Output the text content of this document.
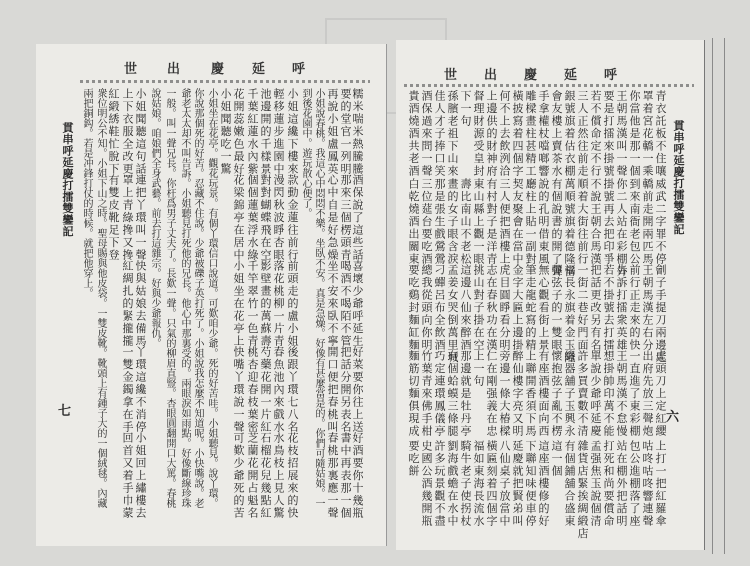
呼	呼
延	延
慶	慶
出	出
世	世
糯米喘米熱騰騰
酒保說了這些話
喜壞少爺呼延生
好菜要你往上送
好酒要你十幾瓶
要的堂官一列明
那來三個楞頭青
喝酒不喝陌不管
把話分開另表名
書中再表那一個
再說小姐盧鳳英
心中自是好急燥
坐不安來臥不寧
開口便把春桃叫
春桃那裏應一聲
小姐說春桃。我這心中悶悶不樂。坐臥不安。真是急燥。好像有甚麼當是的。你們可隨姑娘。一
到後花園中。遊玩散心便了。
小姐這纔下樓來
款動金蓮往前行
前頭走的盧小姐
後跟丫環七八名
花枝招展來的快
輕移蓮步進園中
漫閃秋波睜杏眼
落花桃柳一片青
春魚池內來戲水
水鳥枝上見人驚
池邊開的千樣景
對對蝴蝶飛在空
影壁畫的萬蘇壽
芍藥花開一片紅
石榴花兒幾點紅
千葉紅蓮水內紫
個個蓮葉浮水綠
千竿翠竹一色青
桃杏迎春枝葉密
芝蘭花開占魁名
花開蕊嫩色最好
花梁錦亭在居中
小姐坐在花亭上
快嘴丫環說一聲
可歎少爺死的苦
小姐聞聽吃一驚
小姐坐在花亭。觀花玩景。有個丫環信口說道。可歎咱少爺。死的好苦哇。小姐聽見。說丫環。
你說那個死的好苦。忍藏不住說。少爺被礫子英打死了。小姐說我怎麼不知道呢。小快嘴說。老
爺老太太却不叫告訴。小姐聽見打死他的兄長。他心中那裏受的。兩眼淚如雨點。好像斷線珍珠
一般。叫一聲兄長。你枉爲男子丈夫了。長歎一聲。只氣的柳眉直豎。杏眼圓翻開口大罵。春桃
說姑娘。咱娘們全身武藝。前去打這雜宗。好與少爺報仇。
小姐聞聽這句話
連把丫環叫一聲
快與姑娘去備馬
丫環這纔不消停
小姐回上繡樓去
上下衣服全改更
罩上青綠搀又搀
紅綢扎的緊攏攏
一雙金鐲拿在手
回首又着手巾蒙
紅緞綉鞋忙脫下
有雙皮靴足下登
衆位明公不知。小姐下山之時。聖母賜與他皮袋。一雙皮靴。靴頭上有鍾子大的一個絨毬。內藏
兩把銅鈎。若是冲鋒打仗的時候。就把他穿上。	青衣託板不住嚷
威武二字罪不停
劊子手提刀兩邊走
虎頭刀上定紅纓
上打一把紅羅傘
罩着宮花轎一乘
轎前走開兩匹馬
王朝馬漢左右分
出府先放三聲炮
咕咚咕咚響連聲
你當他是那一個
到來南衙老包公
前行正走來的快
一直進了東彩棚
包公進棚落了座
王朝馬漢叫一聲
你二人站在彩棚外
告訴打擂衆英雄
王朝馬漢不怠慢
站在棚外把話明
要是打擂來掛號
掛號再去把印爭
若不掛號去打擂
想掛帥印萬不能
打死和尚要償命
若不償命定不行
不說王朝合馬漢
把話更改另有名
單說少爺呼延慶
孟强焦玉說個清
三人正然往前走
順着大街往前行
一街二巷好門面
許多買賣數不清
雜貨店緊挨綢緞店
銀號旗着估衣棚
萬順號旗着德隆當
福長永旗着金玉隆
緞器舖子玉興永
有個鋪舖合盛東
會友樓上賣茶水
有個說書的開了聲
彈弦子的一雙眼
懷抱弦子亂不楞
這一個
手拿權杖噹啷響
說的孔明借東風
無心觀看街上景
有座酒樓面向西
這座酒樓修的好
雕樑畫柱甚精工
廳柱上貼一副對
筆走龍蛇寫的精
上聯開香須下馬
下聯知味便車停
橫披寫着四個字
契友聚會在當中
金字大匾上邊掛
醉仙樓字亮又明
延慶就把賢弟叫
何不上去飲洌洽
三人便把酒樓上
虎目圓睜看分明
旁邊一條大椿樑
八仙桌子放當中
上邊供的財神府
有村對子是洋青
志在春秋功在漢
仁在剛强義在忠
橫匾刻着四個字
督理財源受皇封
東山縣上觀一眼
挑山對子掛在空
上一句
福如東海長流水
下一句
壽比南山不老松
這邊八仙來醉酒
那邊就是牡丹亭
騎牛老子使拐杖
孫臏老祖下山來
畫的女子眼含淚
孟姜女哭倒萬里城
有個蛤蟆三條腿
劉海戲蟾在水中
佳人才子捧口笑
那是張生戲鶯鶯
刁蟬呂布全飲酒
巧定連環鳳儀亭
許多玩景觀不盡
酒保過來問一聲
三位莚台要吃酒
總我從頭向你明
竹葉青來佛手柑
史國公酒幾開瓶
貴酒燒酒共老酒
白乾燒酒出關東
要吃鷄封麵缸麵
麵筋切麵俱現成
要吃餅
貫串呼延慶打擂雙鑾記	貫串呼延慶打擂雙鑾記
七	六
